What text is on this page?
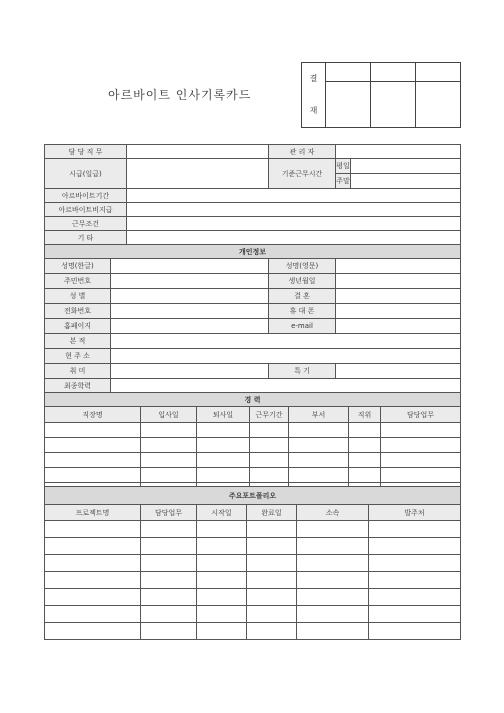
아르바이트 인사기록카드
결
재			

담 당 직 무			관 리 자		
시급(일급)			기준근무시간	평일	
				주말	
아르바이트기간					
아르바이트비지급					
근무조건					
기 타					
개인정보					
성명(한글)			성명(영문)		
주민번호			생년월일		
성 별			결 혼		
전화번호			휴 대 폰		
홈페이지			e-mail		
본 적					
현 주 소					
취 미			특 기		
최종학력					
경 력						
직장명	입사일	퇴사일	근무기간	부서	직위	담당업무

주요포트폴리오					
프로젝트명	담당업무	시작일	완료일	소속	발주처
